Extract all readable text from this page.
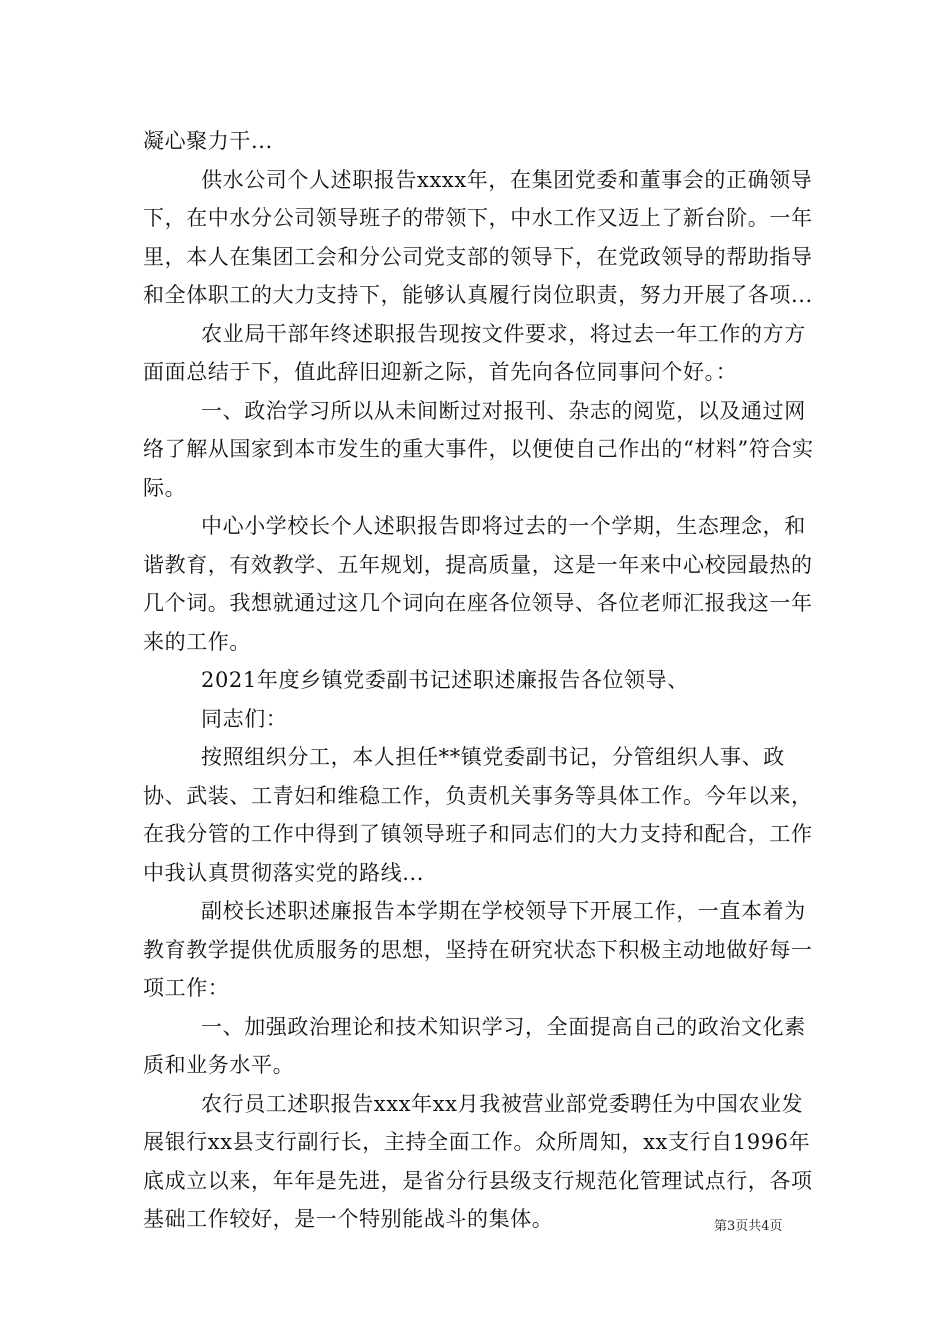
凝心聚力干...

供水公司个人述职报告xxxx年，在集团党委和董事会的正确领导下，在中水分公司领导班子的带领下，中水工作又迈上了新台阶。一年里，本人在集团工会和分公司党支部的领导下，在党政领导的帮助指导和全体职工的大力支持下，能够认真履行岗位职责，努力开展了各项...

农业局干部年终述职报告现按文件要求，将过去一年工作的方方面面总结于下，值此辞旧迎新之际，首先向各位同事问个好。：

一、政治学习所以从未间断过对报刊、杂志的阅览，以及通过网络了解从国家到本市发生的重大事件，以便使自己作出的“材料”符合实际。

中心小学校长个人述职报告即将过去的一个学期，生态理念，和谐教育，有效教学、五年规划，提高质量，这是一年来中心校园最热的几个词。我想就通过这几个词向在座各位领导、各位老师汇报我这一年来的工作。

2021年度乡镇党委副书记述职述廉报告各位领导、

同志们：

按照组织分工，本人担任**镇党委副书记，分管组织人事、政协、武装、工青妇和维稳工作，负责机关事务等具体工作。今年以来，在我分管的工作中得到了镇领导班子和同志们的大力支持和配合，工作中我认真贯彻落实党的路线...

副校长述职述廉报告本学期在学校领导下开展工作，一直本着为教育教学提供优质服务的思想，坚持在研究状态下积极主动地做好每一项工作：

一、加强政治理论和技术知识学习，全面提高自己的政治文化素质和业务水平。

农行员工述职报告xxx年xx月我被营业部党委聘任为中国农业发展银行xx县支行副行长，主持全面工作。众所周知，xx支行自1996年底成立以来，年年是先进，是省分行县级支行规范化管理试点行，各项基础工作较好，是一个特别能战斗的集体。	第3页共4页
